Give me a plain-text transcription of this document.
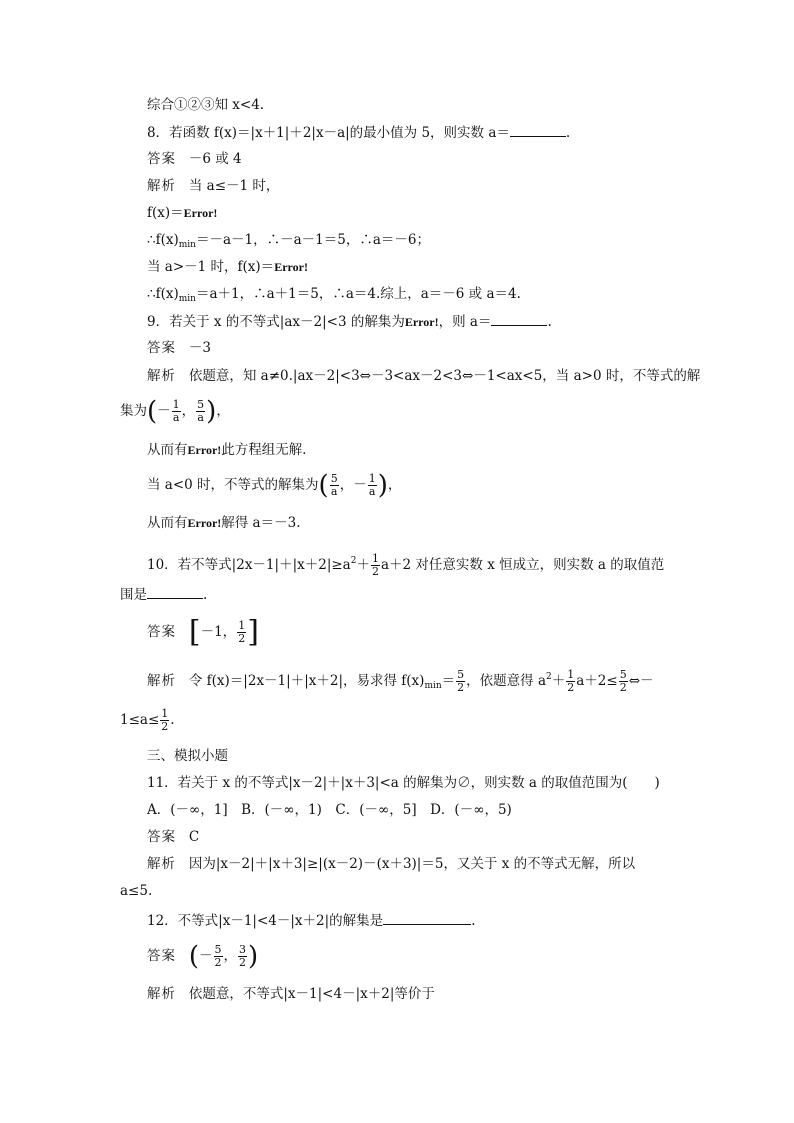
综合①②③知 x<4.
8．若函数 f(x)＝|x＋1|＋2|x－a|的最小值为 5，则实数 a＝	.
答案 －6 或 4
解析 当 a≤－1 时，
f(x)＝Error!
$\therefore f(x)_{min}=-a-1$，∴－a－1＝5，∴a＝－6；
当 a>－1 时，f(x)＝Error!
$\therefore f(x)_{min}=a+1$，∴a＋1＝5，∴a＝4.综上，a＝－6 或 a＝4.
9．若关于 x 的不等式|ax－2|<3 的解集为Error!，则 a＝	.
答案 －3
解析 依题意，知 a≠0.|ax－2|<3⇔－3<ax－2<3⇔－1<ax<5，当 a>0 时，不等式的解
集为(－ $\frac{1}{a}$ ， $\frac{5}{a}$ )，
从而有Error!此方程组无解．
当 a<0 时，不等式的解集为( $\frac{5}{a}$ ，－ $\frac{1}{a}$ )，
从而有Error!解得 a＝－3.
10．若不等式$|2x-1|+|x+2|\ge a^2+ \frac{1}{2} a+2$ 对任意实数 x 恒成立，则实数 a 的取值范
围是	.
答案 [－1， $\frac{1}{2}$ ]
解析 令 f(x)＝|2x－1|＋|x＋2|，易求得 $f(x)_{min}= \frac{5}{2}$ ，依题意得 $a^2+ \frac{1}{2} a+2\le \frac{5}{2}$ ⇔－
$1\le a\le \frac{1}{2}$ .
三、模拟小题
11．若关于 x 的不等式|x－2|＋|x＋3|<a 的解集为∅，则实数 a 的取值范围为(　　)
A．(－∞，1]　B．(－∞，1)　C．(－∞，5]　D．(－∞，5)
答案 C
解析 因为|x－2|＋|x＋3|≥|(x－2)－(x＋3)|＝5，又关于 x 的不等式无解，所以
a≤5.
12．不等式|x－1|<4－|x＋2|的解集是	.
答案 (－ $\frac{5}{2}$ ， $\frac{3}{2}$ )
解析 依题意，不等式|x－1|<4－|x＋2|等价于
